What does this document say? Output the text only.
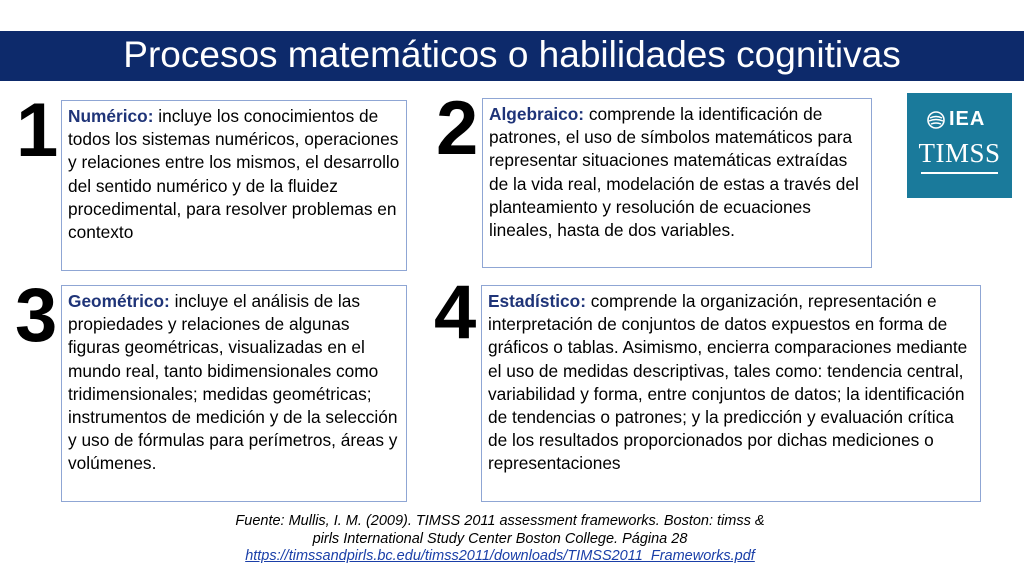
Procesos matemáticos o habilidades cognitivas
1 Numérico: incluye los conocimientos de todos los sistemas numéricos, operaciones y relaciones entre los mismos, el desarrollo del sentido numérico y de la fluidez procedimental, para resolver problemas en contexto
2 Algebraico: comprende la identificación de patrones, el uso de símbolos matemáticos para representar situaciones matemáticas extraídas de la vida real, modelación de estas a través del planteamiento y resolución de ecuaciones lineales, hasta de dos variables.
IEA
TIMSS
3 Geométrico: incluye el análisis de las propiedades y relaciones de algunas figuras geométricas, visualizadas en el mundo real, tanto bidimensionales como tridimensionales; medidas geométricas; instrumentos de medición y de la selección y uso de fórmulas para perímetros, áreas y volúmenes.
4 Estadístico: comprende la organización, representación e interpretación de conjuntos de datos expuestos en forma de gráficos o tablas. Asimismo, encierra comparaciones mediante el uso de medidas descriptivas, tales como: tendencia central, variabilidad y forma, entre conjuntos de datos; la identificación de tendencias o patrones; y la predicción y evaluación crítica de los resultados proporcionados por dichas mediciones o representaciones
Fuente: Mullis, I. M. (2009). TIMSS 2011 assessment frameworks. Boston: timss &
pirls International Study Center Boston College. Página 28
https://timssandpirls.bc.edu/timss2011/downloads/TIMSS2011_Frameworks.pdf
